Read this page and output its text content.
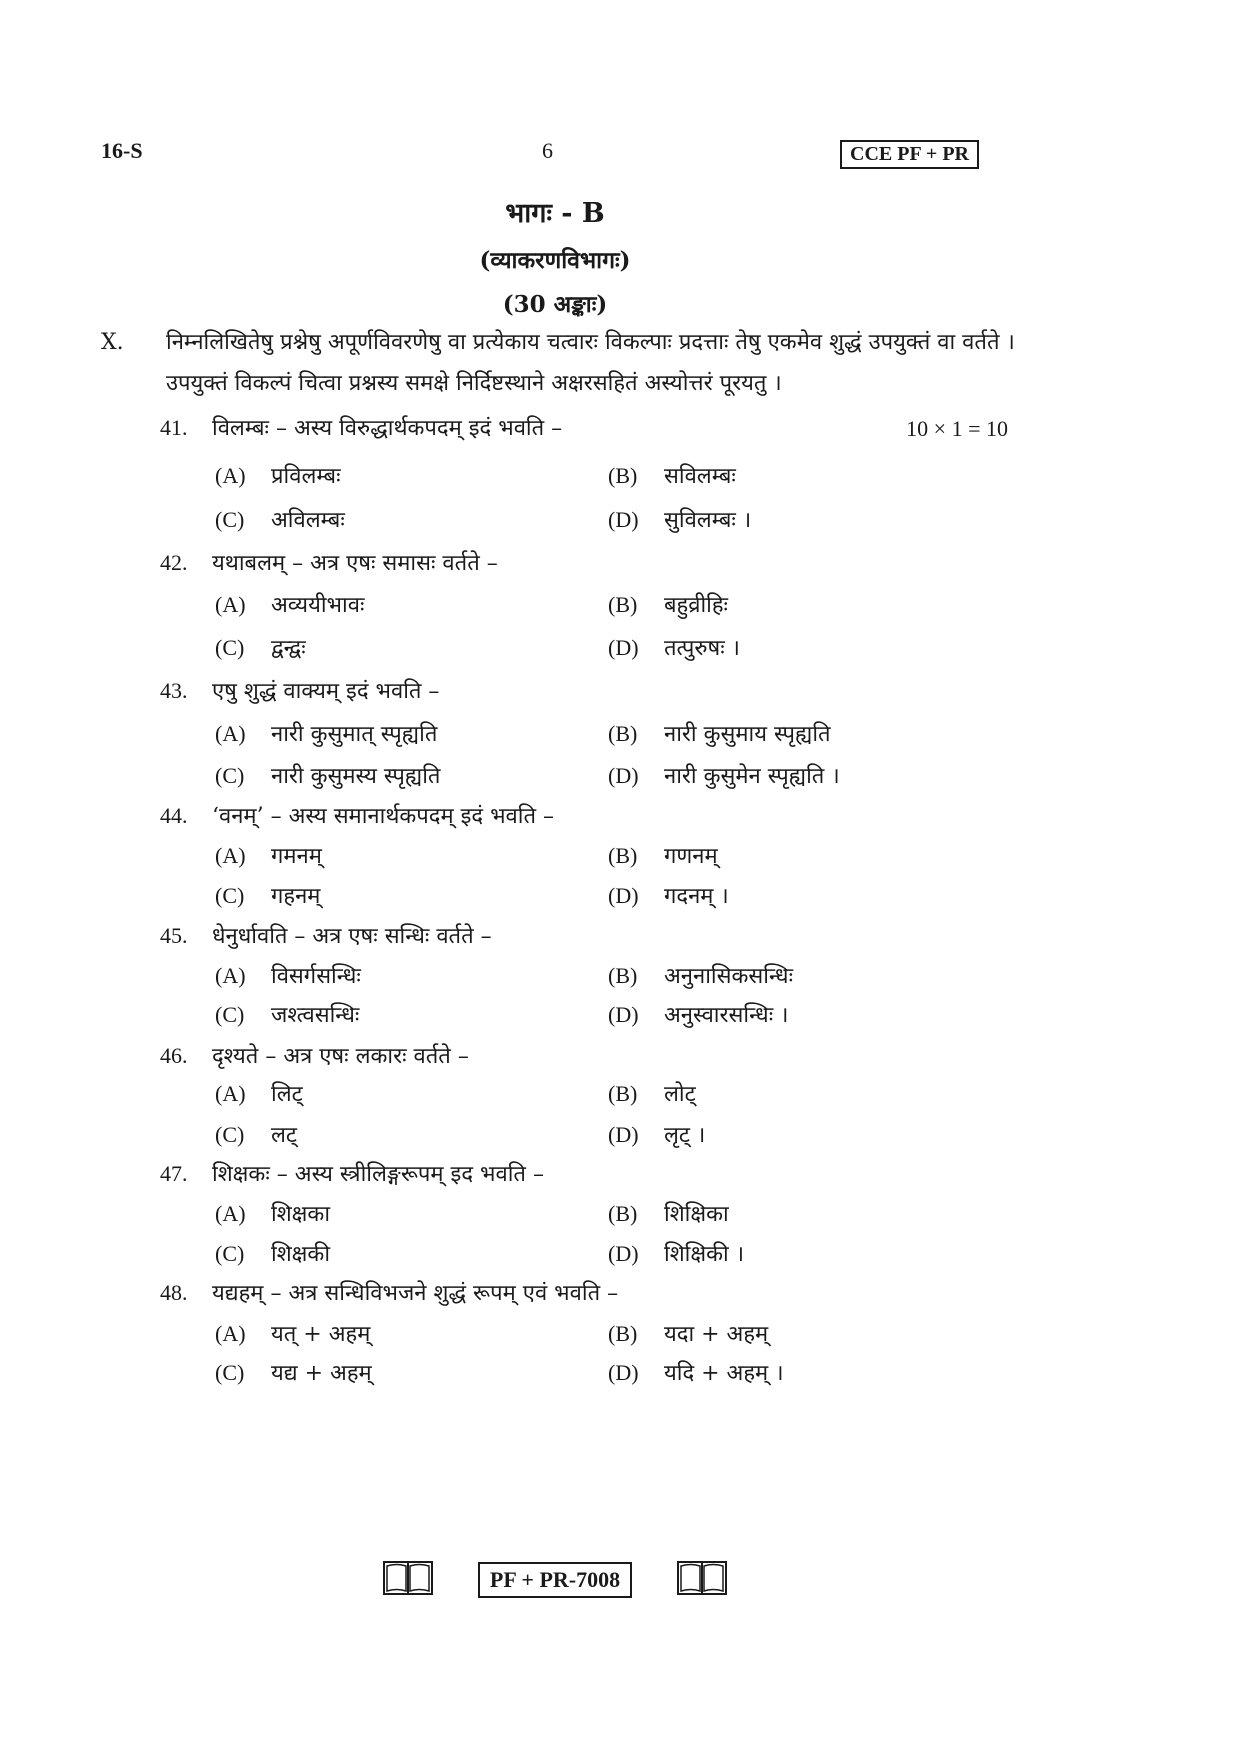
16-S	6	CCE PF + PR
भागः - B
(व्याकरणविभागः)
(30 अङ्काः)
X. निम्नलिखितेषु प्रश्नेषु अपूर्णविवरणेषु वा प्रत्येकाय चत्वारः विकल्पाः प्रदत्ताः तेषु एकमेव शुद्धं उपयुक्तं वा वर्तते । उपयुक्तं विकल्पं चित्वा प्रश्नस्य समक्षे निर्दिष्टस्थाने अक्षरसहितं अस्योत्तरं पूरयतु ।
10 × 1 = 10
41. विलम्बः – अस्य विरुद्धार्थकपदम् इदं भवति –
(A) प्रविलम्बः	(B) सविलम्बः
(C) अविलम्बः	(D) सुविलम्बः ।
42. यथाबलम् – अत्र एषः समासः वर्तते –
(A) अव्ययीभावः	(B) बहुव्रीहिः
(C) द्वन्द्वः	(D) तत्पुरुषः ।
43. एषु शुद्धं वाक्यम् इदं भवति –
(A) नारी कुसुमात् स्पृह्यति	(B) नारी कुसुमाय स्पृह्यति
(C) नारी कुसुमस्य स्पृह्यति	(D) नारी कुसुमेन स्पृह्यति ।
44. ‘वनम्’ – अस्य समानार्थकपदम् इदं भवति –
(A) गमनम्	(B) गणनम्
(C) गहनम्	(D) गदनम् ।
45. धेनुर्धावति – अत्र एषः सन्धिः वर्तते –
(A) विसर्गसन्धिः	(B) अनुनासिकसन्धिः
(C) जश्त्वसन्धिः	(D) अनुस्वारसन्धिः ।
46. दृश्यते – अत्र एषः लकारः वर्तते –
(A) लिट्	(B) लोट्
(C) लट्	(D) लृट् ।
47. शिक्षकः – अस्य स्त्रीलिङ्गरूपम् इद भवति –
(A) शिक्षका	(B) शिक्षिका
(C) शिक्षकी	(D) शिक्षिकी ।
48. यद्यहम् – अत्र सन्धिविभजने शुद्धं रूपम् एवं भवति –
(A) यत् + अहम्	(B) यदा + अहम्
(C) यद्य + अहम्	(D) यदि + अहम् ।
PF + PR-7008
